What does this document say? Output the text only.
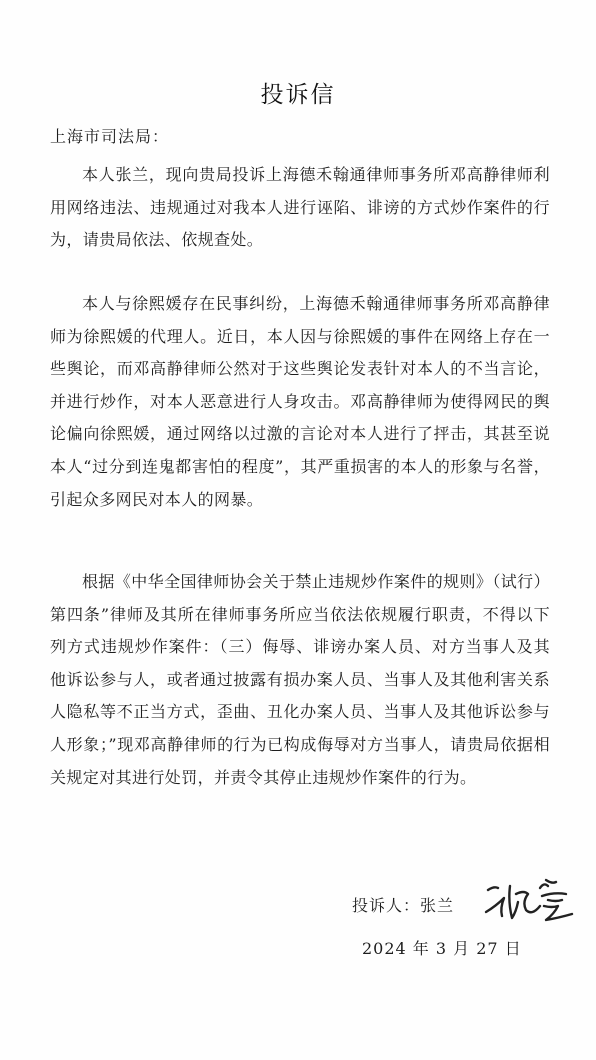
投诉信
上海市司法局：

本人张兰，现向贵局投诉上海德禾翰通律师事务所邓高静律师利用网络违法、违规通过对我本人进行诬陷、诽谤的方式炒作案件的行为，请贵局依法、依规查处。

本人与徐熙媛存在民事纠纷，上海德禾翰通律师事务所邓高静律师为徐熙媛的代理人。近日，本人因与徐熙媛的事件在网络上存在一些舆论，而邓高静律师公然对于这些舆论发表针对本人的不当言论，并进行炒作，对本人恶意进行人身攻击。邓高静律师为使得网民的舆论偏向徐熙媛，通过网络以过激的言论对本人进行了抨击，其甚至说本人“过分到连鬼都害怕的程度”，其严重损害的本人的形象与名誉，引起众多网民对本人的网暴。

根据《中华全国律师协会关于禁止违规炒作案件的规则》（试行）第四条”律师及其所在律师事务所应当依法依规履行职责，不得以下列方式违规炒作案件：（三）侮辱、诽谤办案人员、对方当事人及其他诉讼参与人，或者通过披露有损办案人员、当事人及其他利害关系人隐私等不正当方式，歪曲、丑化办案人员、当事人及其他诉讼参与人形象；”现邓高静律师的行为已构成侮辱对方当事人，请贵局依据相关规定对其进行处罚，并责令其停止违规炒作案件的行为。

投诉人：张兰
2024 年 3 月 27 日
